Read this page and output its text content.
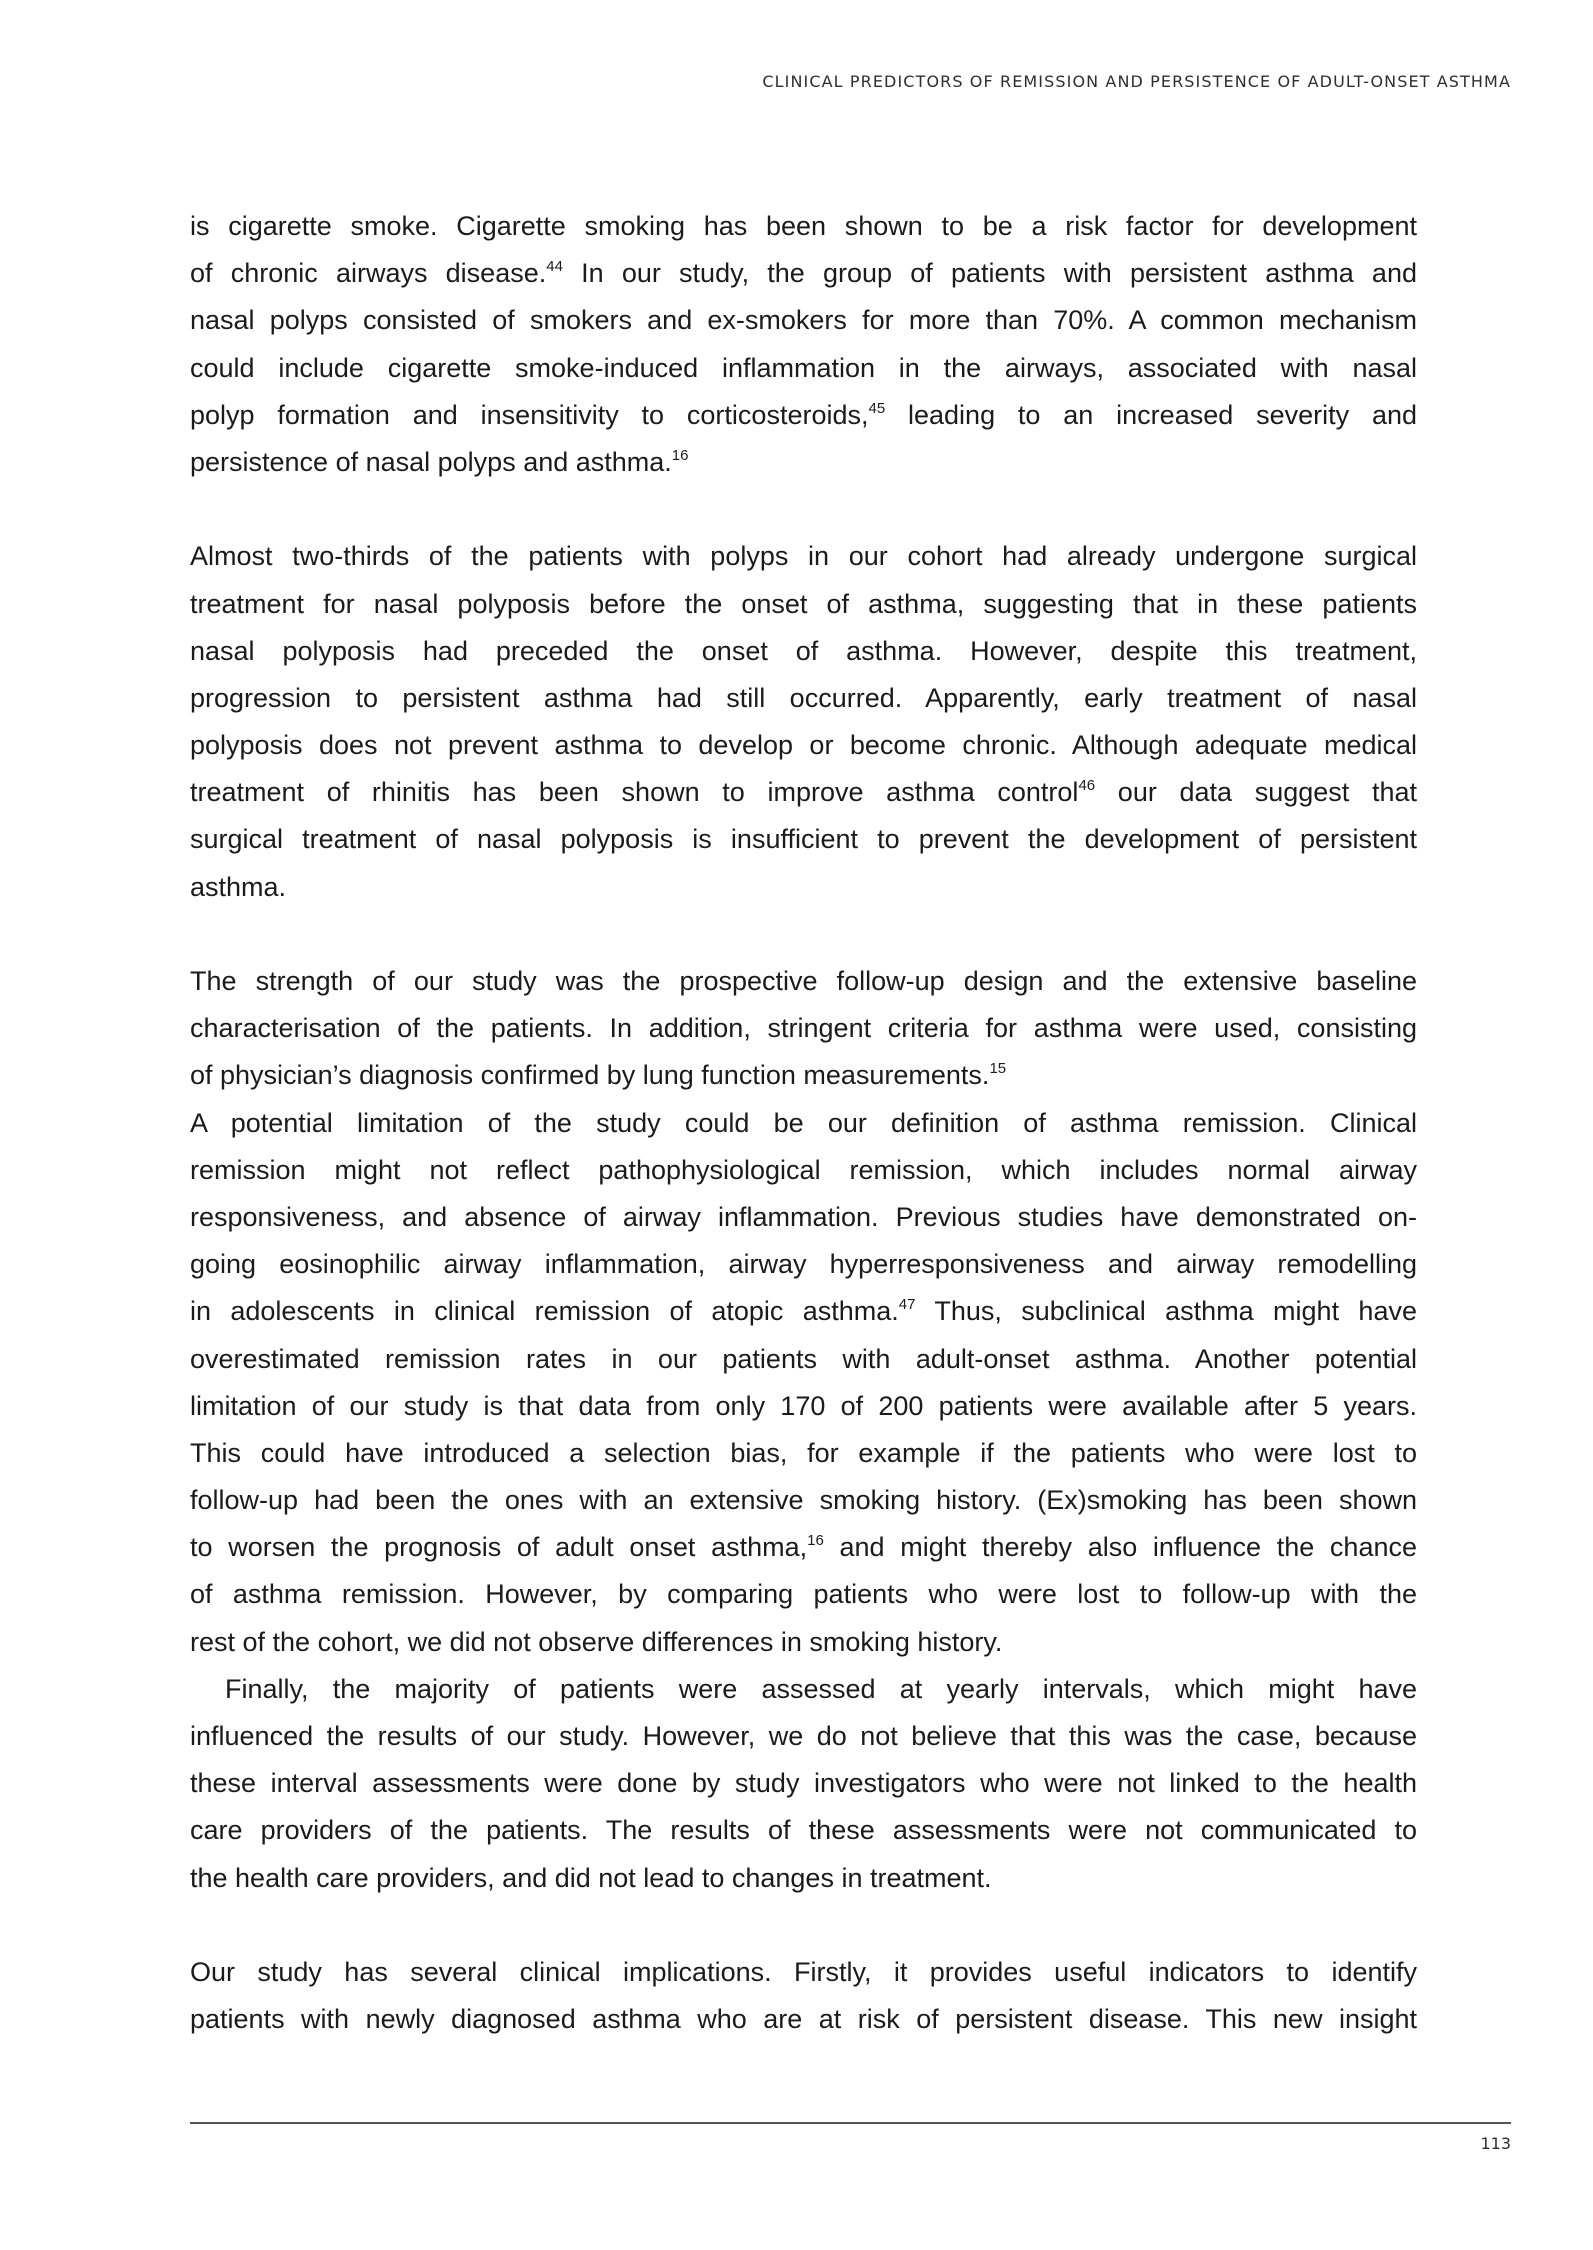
CLINICAL PREDICTORS OF REMISSION AND PERSISTENCE OF ADULT-ONSET ASTHMA
is cigarette smoke. Cigarette smoking has been shown to be a risk factor for development
of chronic airways disease.$^{44}$ In our study, the group of patients with persistent asthma and
nasal polyps consisted of smokers and ex-smokers for more than 70%. A common mechanism
could include cigarette smoke-induced inflammation in the airways, associated with nasal
polyp formation and insensitivity to corticosteroids,$^{45}$ leading to an increased severity and
persistence of nasal polyps and asthma.$^{16}$
Almost two-thirds of the patients with polyps in our cohort had already undergone surgical
treatment for nasal polyposis before the onset of asthma, suggesting that in these patients
nasal polyposis had preceded the onset of asthma. However, despite this treatment,
progression to persistent asthma had still occurred. Apparently, early treatment of nasal
polyposis does not prevent asthma to develop or become chronic. Although adequate medical
treatment of rhinitis has been shown to improve asthma control$^{46}$ our data suggest that
surgical treatment of nasal polyposis is insufficient to prevent the development of persistent
asthma.
The strength of our study was the prospective follow-up design and the extensive baseline
characterisation of the patients. In addition, stringent criteria for asthma were used, consisting
of physician’s diagnosis confirmed by lung function measurements.$^{15}$
A potential limitation of the study could be our definition of asthma remission. Clinical
remission might not reflect pathophysiological remission, which includes normal airway
responsiveness, and absence of airway inflammation. Previous studies have demonstrated on-
going eosinophilic airway inflammation, airway hyperresponsiveness and airway remodelling
in adolescents in clinical remission of atopic asthma.$^{47}$ Thus, subclinical asthma might have
overestimated remission rates in our patients with adult-onset asthma. Another potential
limitation of our study is that data from only 170 of 200 patients were available after 5 years.
This could have introduced a selection bias, for example if the patients who were lost to
follow-up had been the ones with an extensive smoking history. (Ex)smoking has been shown
to worsen the prognosis of adult onset asthma,$^{16}$ and might thereby also influence the chance
of asthma remission. However, by comparing patients who were lost to follow-up with the
rest of the cohort, we did not observe differences in smoking history.
Finally, the majority of patients were assessed at yearly intervals, which might have
influenced the results of our study. However, we do not believe that this was the case, because
these interval assessments were done by study investigators who were not linked to the health
care providers of the patients. The results of these assessments were not communicated to
the health care providers, and did not lead to changes in treatment.
Our study has several clinical implications. Firstly, it provides useful indicators to identify
patients with newly diagnosed asthma who are at risk of persistent disease. This new insight
113
